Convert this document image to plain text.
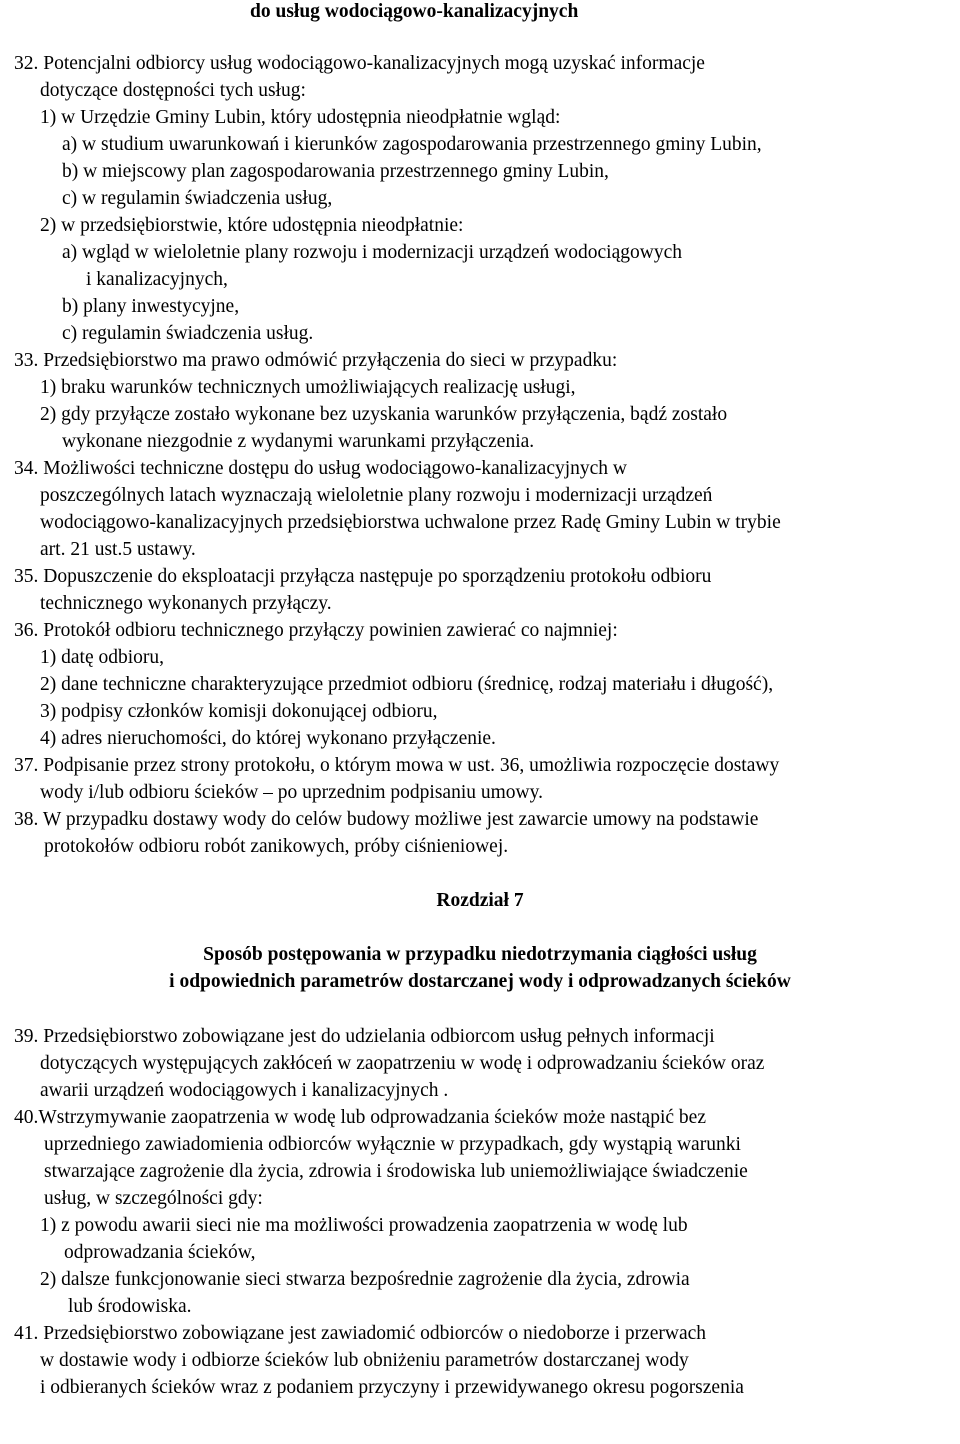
do usług wodociągowo-kanalizacyjnych
32. Potencjalni odbiorcy usług wodociągowo-kanalizacyjnych mogą uzyskać informacje
dotyczące dostępności tych usług:
1) w Urzędzie Gminy Lubin, który udostępnia nieodpłatnie wgląd:
a) w studium uwarunkowań i kierunków zagospodarowania przestrzennego gminy Lubin,
b) w miejscowy plan zagospodarowania przestrzennego gminy Lubin,
c) w regulamin świadczenia usług,
2) w przedsiębiorstwie, które udostępnia nieodpłatnie:
a) wgląd w wieloletnie plany rozwoju i modernizacji urządzeń wodociągowych
i kanalizacyjnych,
b) plany inwestycyjne,
c) regulamin świadczenia usług.
33. Przedsiębiorstwo ma prawo odmówić przyłączenia do sieci w przypadku:
1) braku warunków technicznych umożliwiających realizację usługi,
2) gdy przyłącze zostało wykonane bez uzyskania warunków przyłączenia, bądź zostało
wykonane niezgodnie z wydanymi warunkami przyłączenia.
34. Możliwości techniczne dostępu do usług wodociągowo-kanalizacyjnych w
poszczególnych latach wyznaczają wieloletnie plany rozwoju i modernizacji urządzeń
wodociągowo-kanalizacyjnych przedsiębiorstwa uchwalone przez Radę Gminy Lubin w trybie
art. 21 ust.5 ustawy.
35. Dopuszczenie do eksploatacji przyłącza następuje po sporządzeniu protokołu odbioru
technicznego wykonanych przyłączy.
36. Protokół odbioru technicznego przyłączy powinien zawierać co najmniej:
1) datę odbioru,
2) dane techniczne charakteryzujące przedmiot odbioru (średnicę, rodzaj materiału i długość),
3) podpisy członków komisji dokonującej odbioru,
4) adres nieruchomości, do której wykonano przyłączenie.
37. Podpisanie przez strony protokołu, o którym mowa w ust. 36, umożliwia rozpoczęcie dostawy
wody i/lub odbioru ścieków – po uprzednim podpisaniu umowy.
38. W przypadku dostawy wody do celów budowy możliwe jest zawarcie umowy na podstawie
protokołów odbioru robót zanikowych, próby ciśnieniowej.
Rozdział 7
Sposób postępowania w przypadku niedotrzymania ciągłości usług
i odpowiednich parametrów dostarczanej wody i odprowadzanych ścieków
39. Przedsiębiorstwo zobowiązane jest do udzielania odbiorcom usług pełnych informacji
dotyczących występujących zakłóceń w zaopatrzeniu w wodę i odprowadzaniu ścieków oraz
awarii urządzeń wodociągowych i kanalizacyjnych .
40.Wstrzymywanie zaopatrzenia w wodę lub odprowadzania ścieków może nastąpić bez
uprzedniego zawiadomienia odbiorców wyłącznie w przypadkach, gdy wystąpią warunki
stwarzające zagrożenie dla życia, zdrowia i środowiska lub uniemożliwiające świadczenie
usług, w szczególności gdy:
1) z powodu awarii sieci nie ma możliwości prowadzenia zaopatrzenia w wodę lub
odprowadzania ścieków,
2) dalsze funkcjonowanie sieci stwarza bezpośrednie zagrożenie dla życia, zdrowia
lub środowiska.
41. Przedsiębiorstwo zobowiązane jest zawiadomić odbiorców o niedoborze i przerwach
w dostawie wody i odbiorze ścieków lub obniżeniu parametrów dostarczanej wody
i odbieranych ścieków wraz z podaniem przyczyny i przewidywanego okresu pogorszenia
